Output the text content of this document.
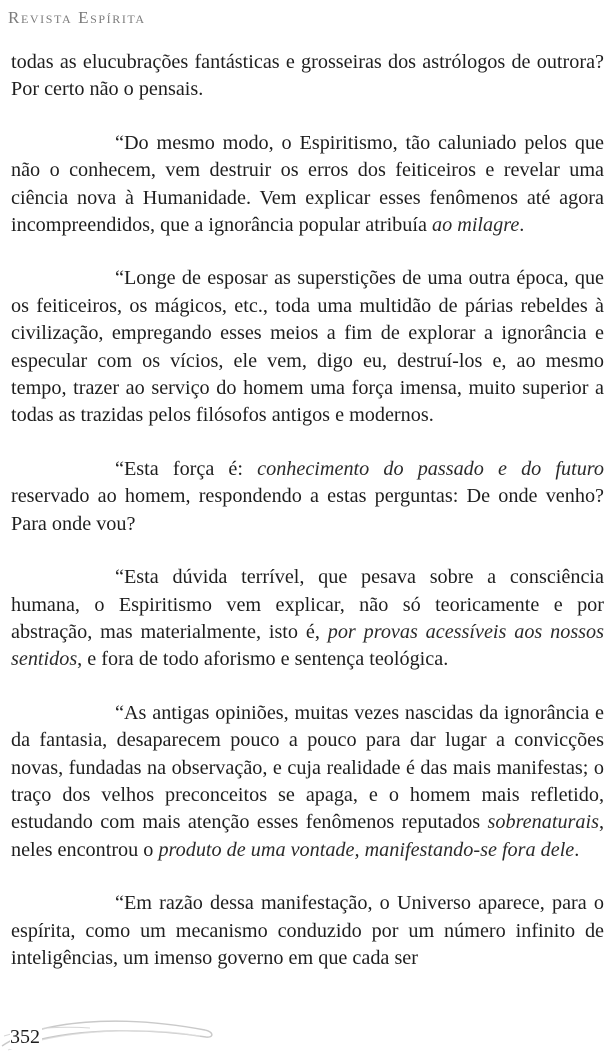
Revista Espírita

todas as elucubrações fantásticas e grosseiras dos astrólogos de outrora? Por certo não o pensais.

“Do mesmo modo, o Espiritismo, tão caluniado pelos que não o conhecem, vem destruir os erros dos feiticeiros e revelar uma ciência nova à Humanidade. Vem explicar esses fenômenos até agora incompreendidos, que a ignorância popular atribuía ao milagre.

“Longe de esposar as superstições de uma outra época, que os feiticeiros, os mágicos, etc., toda uma multidão de párias rebeldes à civilização, empregando esses meios a fim de explorar a ignorância e especular com os vícios, ele vem, digo eu, destruí-los e, ao mesmo tempo, trazer ao serviço do homem uma força imensa, muito superior a todas as trazidas pelos filósofos antigos e modernos.

“Esta força é: conhecimento do passado e do futuro reservado ao homem, respondendo a estas perguntas: De onde venho? Para onde vou?

“Esta dúvida terrível, que pesava sobre a consciência humana, o Espiritismo vem explicar, não só teoricamente e por abstração, mas materialmente, isto é, por provas acessíveis aos nossos sentidos, e fora de todo aforismo e sentença teológica.

“As antigas opiniões, muitas vezes nascidas da ignorância e da fantasia, desaparecem pouco a pouco para dar lugar a convicções novas, fundadas na observação, e cuja realidade é das mais manifestas; o traço dos velhos preconceitos se apaga, e o homem mais refletido, estudando com mais atenção esses fenômenos reputados sobrenaturais, neles encontrou o produto de uma vontade, manifestando-se fora dele.

“Em razão dessa manifestação, o Universo aparece, para o espírita, como um mecanismo conduzido por um número infinito de inteligências, um imenso governo em que cada ser

352
